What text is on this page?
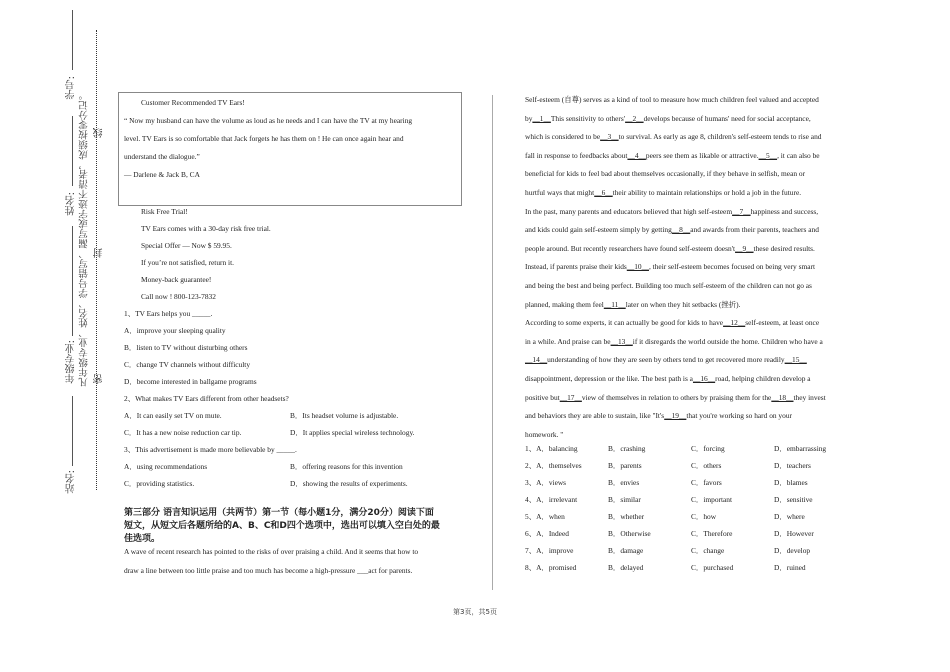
学号:
姓名:
年级专业:
站名:
凡年级专业、姓名、学号错写、漏写或字迹不清者，成绩按零分记。 线
封
密
Customer Recommended TV Ears!
“ Now my husband can have the volume as loud as he needs and I can have the TV at my hearing
level. TV Ears is so comfortable that Jack forgets he has them on ! He can once again hear and
understand the dialogue.”
— Darlene & Jack B, CA
Risk Free Trial!
TV Ears comes with a 30-day risk free trial.
Special Offer — Now $ 59.95.
If you’re not satisfied, return it.
Money-back guarantee!
Call now ! 800-123-7832
1、TV Ears helps you _____.
A．improve your sleeping quality
B．listen to TV without disturbing others
C．change TV channels without difficulty
D．become interested in ballgame programs
2、What makes TV Ears different from other headsets?
A．It can easily set TV on mute.	B．Its headset volume is adjustable.
C．It has a new noise reduction car tip.	D．It applies special wireless technology.
3、This advertisement is made more believable by _____.
A．using recommendations	B．offering reasons for this invention
C．providing statistics.	D．showing the results of experiments.
第三部分 语言知识运用（共两节）第一节（每小题1分，满分20分）阅读下面
短文，从短文后各题所给的A、B、C和D四个选项中，选出可以填入空白处的最
佳选项。
A wave of recent research has pointed to the risks of over praising a child. And it seems that how to
draw a line between too little praise and too much has become a high-pressure ___act for parents.
Self-esteem (自尊) serves as a kind of tool to measure how much children feel valued and accepted
by__1__This sensitivity to others'__2__develops because of humans' need for social acceptance,
which is considered to be__3__to survival. As early as age 8, children's self-esteem tends to rise and
fall in response to feedbacks about__4__peers see them as likable or attractive.__5__, it can also be
beneficial for kids to feel bad about themselves occasionally, if they behave in selfish, mean or
hurtful ways that might__6__their ability to maintain relationships or hold a job in the future.
In the past, many parents and educators believed that high self-esteem__7__happiness and success,
and kids could gain self-esteem simply by getting__8__and awards from their parents, teachers and
people around. But recently researchers have found self-esteem doesn't__9__these desired results.
Instead, if parents praise their kids__10__, their self-esteem becomes focused on being very smart
and being the best and being perfect. Building too much self-esteem of the children can not go as
planned, making them feel__11__later on when they hit setbacks (挫折).
According to some experts, it can actually be good for kids to have__12__self-esteem, at least once
in a while. And praise can be__13__if it disregards the world outside the home. Children who have a
__14__understanding of how they are seen by others tend to get recovered more readily__15__
disappointment, depression or the like. The best path is a__16__road, helping children develop a
positive but__17__view of themselves in relation to others by praising them for the__18__they invest
and behaviors they are able to sustain, like "It's__19__that you're working so hard on your
homework. "
1、A．balancing	B．crashing	C．forcing	D．embarrassing
2、A．themselves	B．parents	C．others	D．teachers
3、A．views	B．envies	C．favors	D．blames
4、A．irrelevant	B．similar	C．important	D．sensitive
5、A．when	B．whether	C．how	D．where
6、A．Indeed	B．Otherwise	C．Therefore	D．However
7、A．improve	B．damage	C．change	D．develop
8、A．promised	B．delayed	C．purchased	D．ruined
第3页，共5页
